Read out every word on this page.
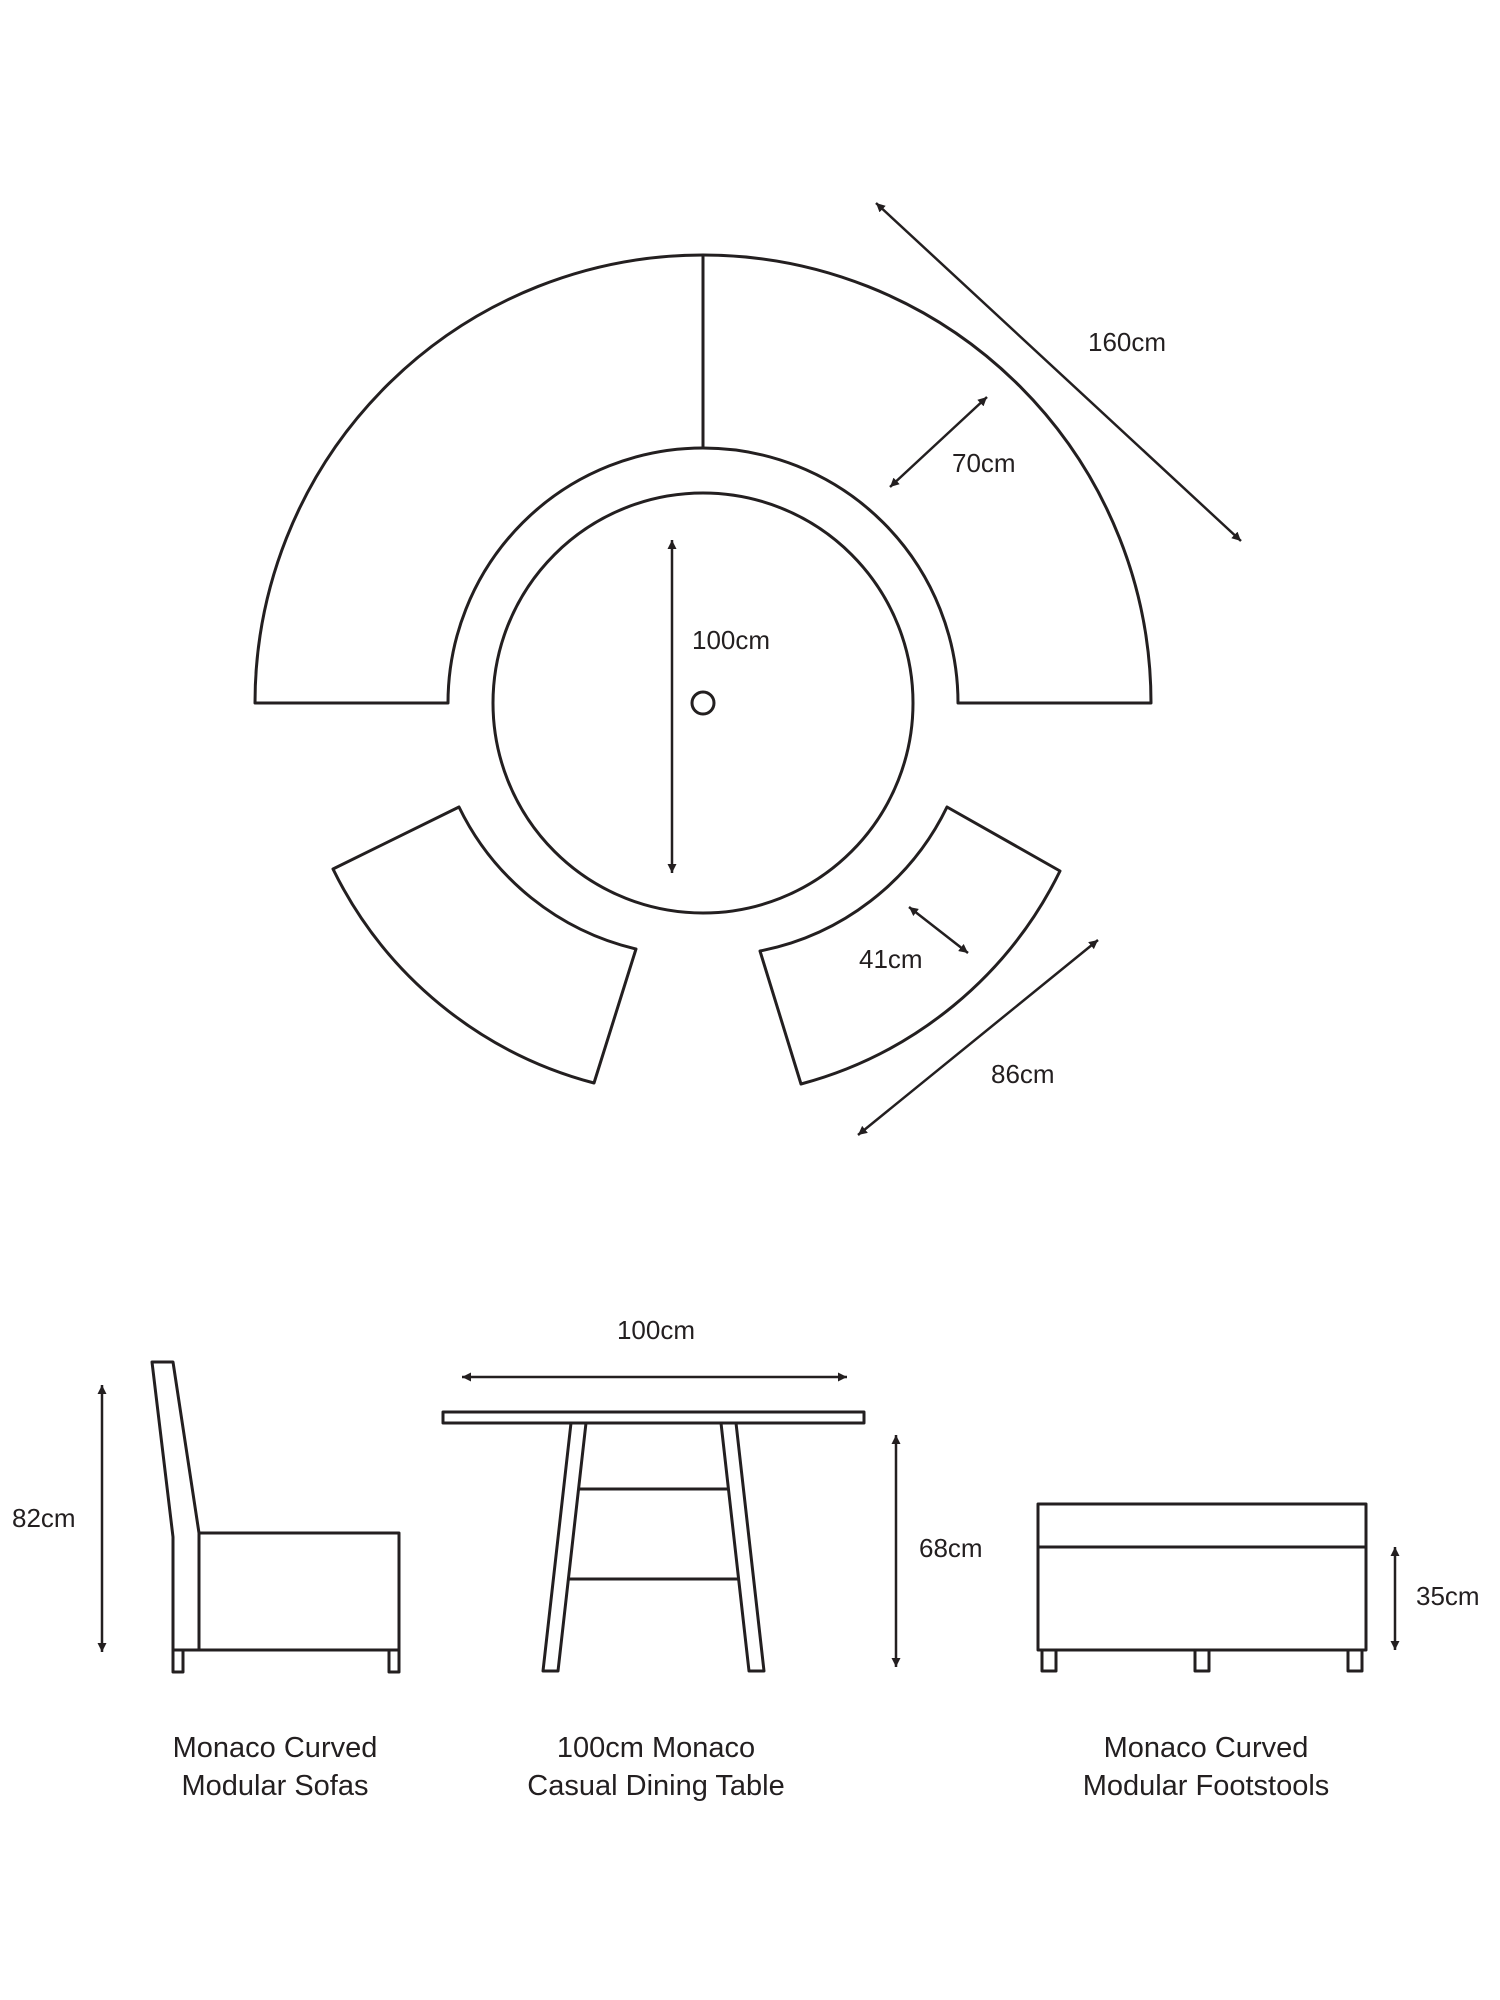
160cm
70cm
100cm
41cm
86cm
82cm
100cm
68cm
35cm
Monaco Curved
Modular Sofas
100cm Monaco
Casual Dining Table
Monaco Curved
Modular Footstools
